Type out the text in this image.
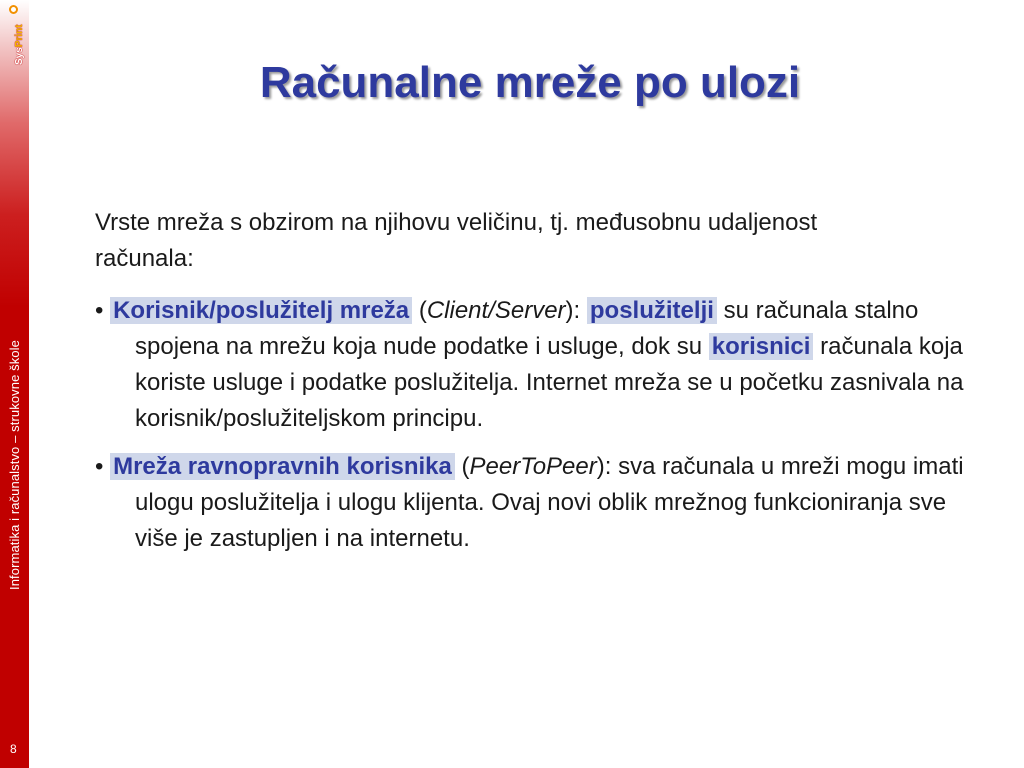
SysPrint
Informatika i računalstvo – strukovne škole
8
Računalne mreže po ulozi

Vrste mreža s obzirom na njihovu veličinu, tj. međusobnu udaljenost računala:

• Korisnik/poslužitelj mreža (Client/Server): poslužitelji su računala stalno spojena na mrežu koja nude podatke i usluge, dok su korisnici računala koja koriste usluge i podatke poslužitelja. Internet mreža se u početku zasnivala na korisnik/poslužiteljskom principu.

• Mreža ravnopravnih korisnika (PeerToPeer): sva računala u mreži mogu imati ulogu poslužitelja i ulogu klijenta. Ovaj novi oblik mrežnog funkcioniranja sve više je zastupljen i na internetu.
